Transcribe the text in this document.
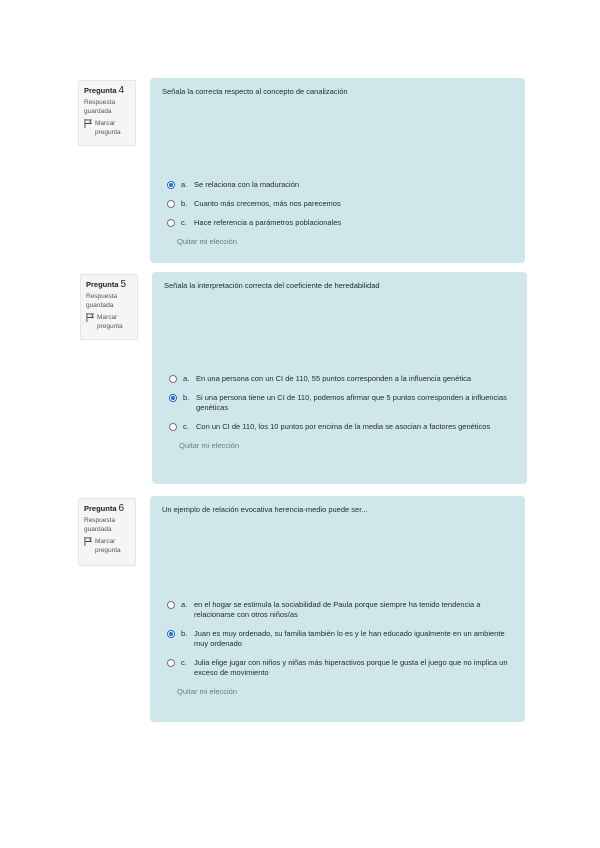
Pregunta 4
Respuesta guardada
Marcar pregunta
Señala la correcta respecto al concepto de canalización
a. Se relaciona con la maduración
b. Cuanto más crecemos, más nos parecemos
c. Hace referencia a parámetros poblacionales
Quitar mi elección
Pregunta 5
Respuesta guardada
Marcar pregunta
Señala la interpretación correcta del coeficiente de heredabilidad
a. En una persona con un CI de 110, 55 puntos corresponden a la influencia genética
b. Si una persona tiene un CI de 110, podemos afirmar que 5 puntos corresponden a influencias genéticas
c. Con un CI de 110, los 10 puntos por encima de la media se asocian a factores genéticos
Quitar mi elección
Pregunta 6
Respuesta guardada
Marcar pregunta
Un ejemplo de relación evocativa herencia-medio puede ser...
a. en el hogar se estimula la sociabilidad de Paula porque siempre ha tenido tendencia a relacionarse con otros niños/as
b. Juan es muy ordenado, su familia también lo es y le han educado igualmente en un ambiente muy ordenado
c. Julia elige jugar con niños y niñas más hiperactivos porque le gusta el juego que no implica un exceso de movimiento
Quitar mi elección
